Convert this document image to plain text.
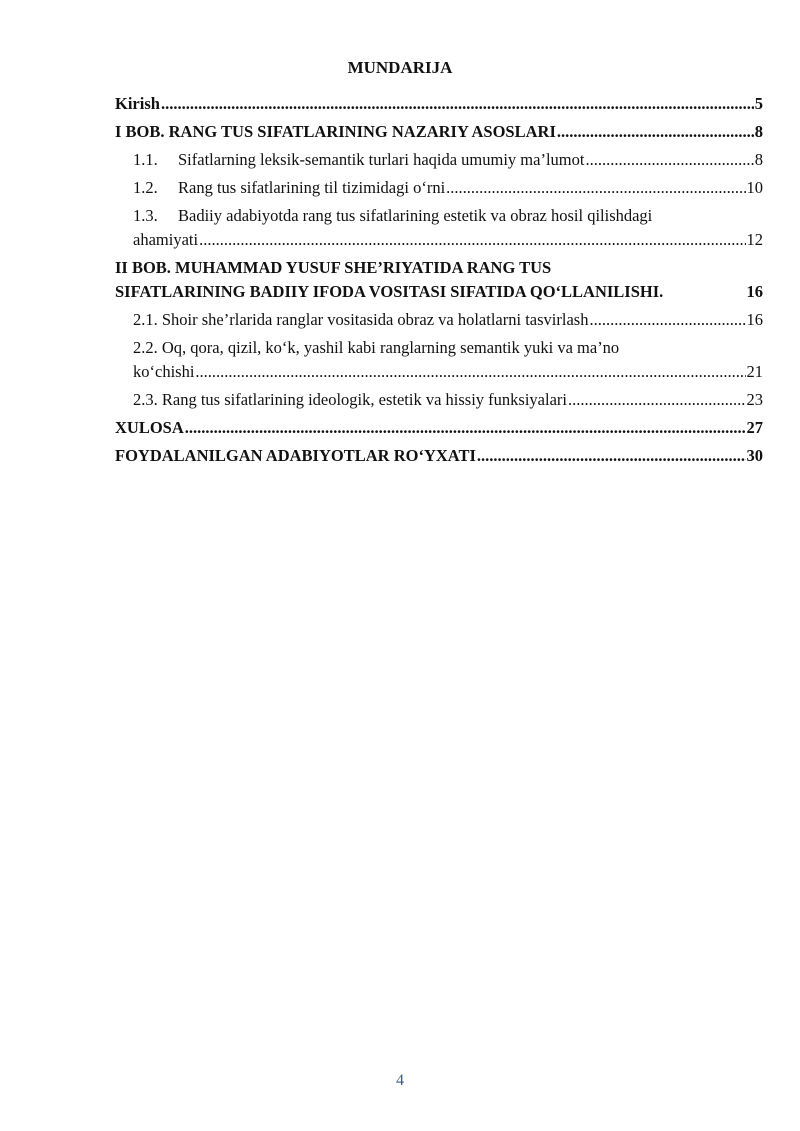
MUNDARIJA
Kirish .....	5
I BOB. RANG TUS SIFATLARINING NAZARIY ASOSLARI .....	8
1.1. Sifatlarning leksik-semantik turlari haqida umumiy ma’lumot .....	8
1.2. Rang tus sifatlarining til tizimidagi o‘rni .....	10
1.3. Badiiy adabiyotda rang tus sifatlarining estetik va obraz hosil qilishdagi
ahamiyati .....	12
II BOB. MUHAMMAD YUSUF SHE’RIYATIDA RANG TUS
SIFATLARINING BADIIY IFODA VOSITASI SIFATIDA QO‘LLANILISHI.	16
2.1. Shoir she’rlarida ranglar vositasida obraz va holatlarni tasvirlash .....	16
2.2. Oq, qora, qizil, ko‘k, yashil kabi ranglarning semantik yuki va ma’no
ko‘chishi .....	21
2.3. Rang tus sifatlarining ideologik, estetik va hissiy funksiyalari .....	23
XULOSA .....	27
FOYDALANILGAN ADABIYOTLAR RO‘YXATI .....	30
4
